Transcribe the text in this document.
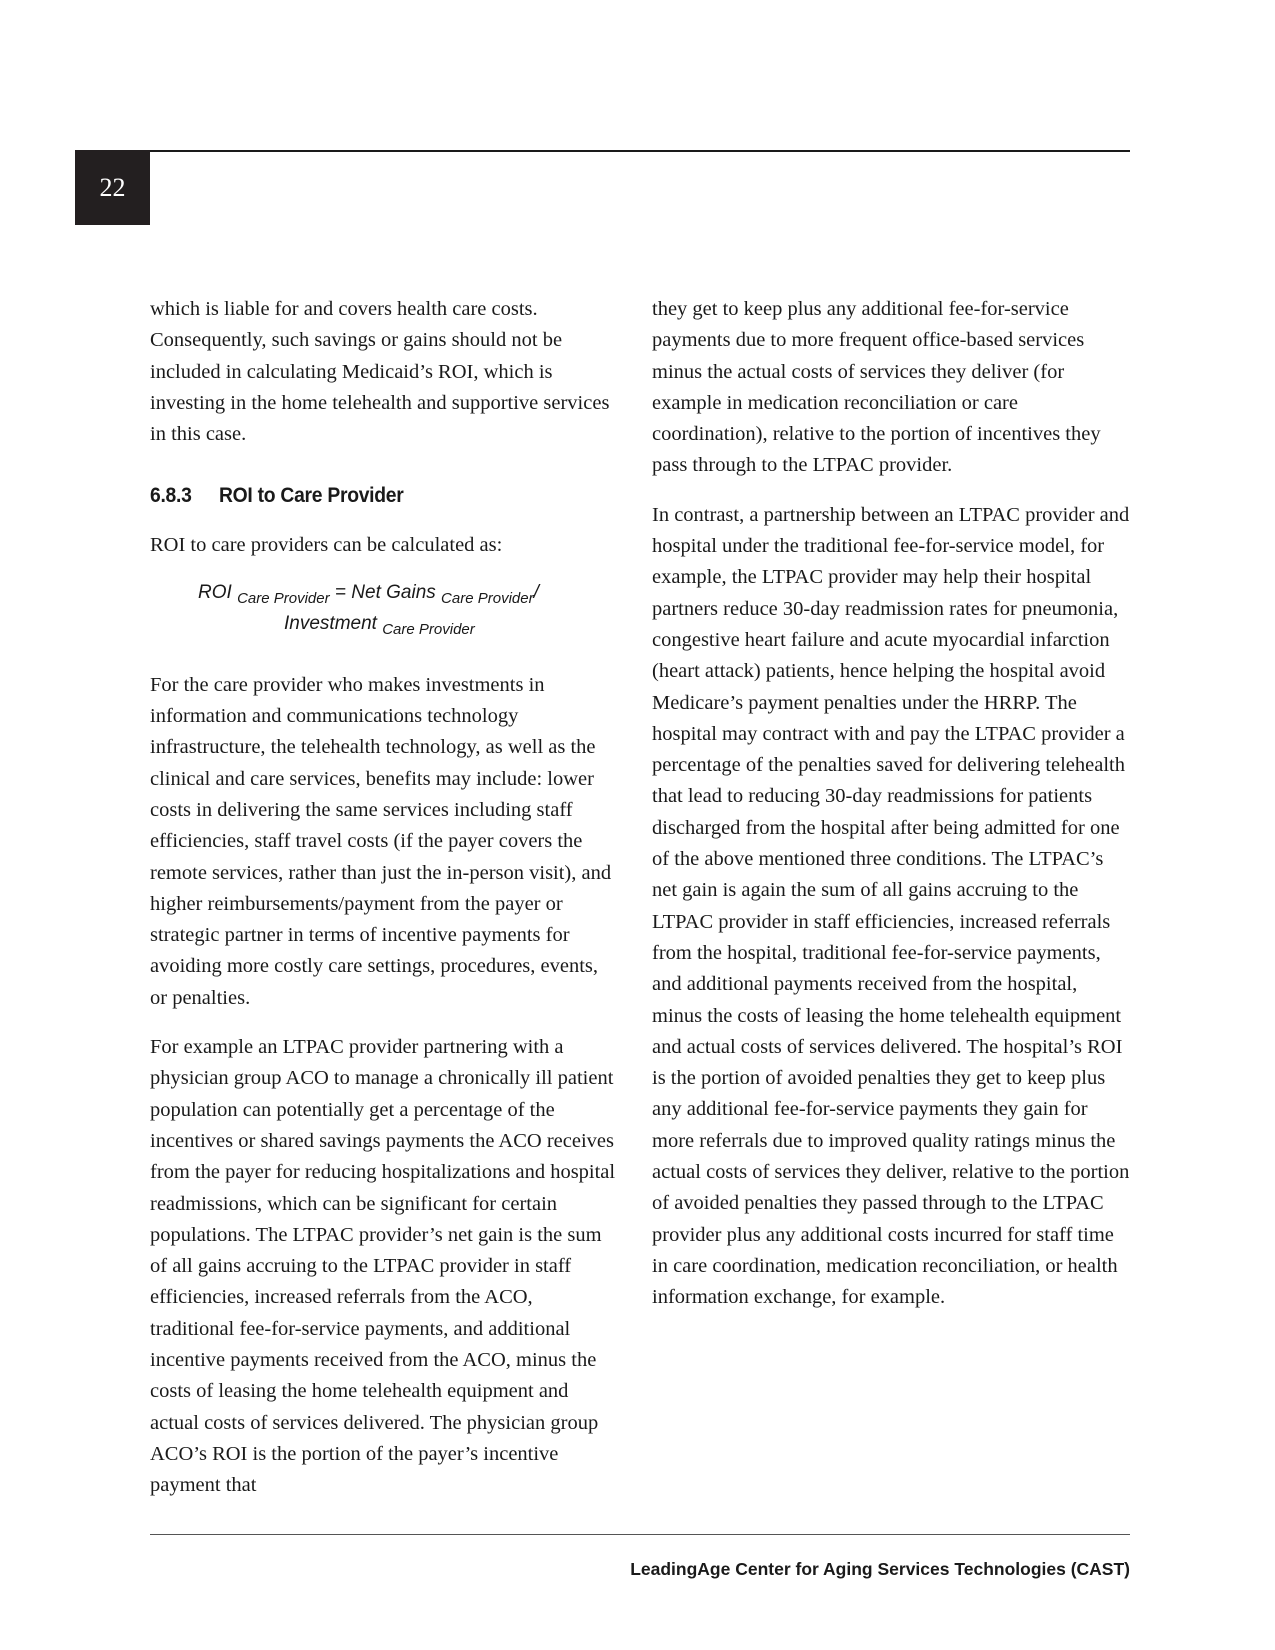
22

which is liable for and covers health care costs. Consequently, such savings or gains should not be included in calculating Medicaid’s ROI, which is investing in the home telehealth and supportive services in this case.

6.8.3 ROI to Care Provider

ROI to care providers can be calculated as:

ROI $_{Care Provider}$ = Net Gains $_{Care Provider}$/
Investment $_{Care Provider}$

For the care provider who makes investments in information and communications technology infrastructure, the telehealth technology, as well as the clinical and care services, benefits may include: lower costs in delivering the same services including staff efficiencies, staff travel costs (if the payer covers the remote services, rather than just the in-person visit), and higher reimbursements/payment from the payer or strategic partner in terms of incentive payments for avoiding more costly care settings, procedures, events, or penalties.

For example an LTPAC provider partnering with a physician group ACO to manage a chronically ill patient population can potentially get a percentage of the incentives or shared savings payments the ACO receives from the payer for reducing hospitalizations and hospital readmissions, which can be significant for certain populations. The LTPAC provider’s net gain is the sum of all gains accruing to the LTPAC provider in staff efficiencies, increased referrals from the ACO, traditional fee-for-service payments, and additional incentive payments received from the ACO, minus the costs of leasing the home telehealth equipment and actual costs of services delivered. The physician group ACO’s ROI is the portion of the payer’s incentive payment that

they get to keep plus any additional fee-for-service payments due to more frequent office-based services minus the actual costs of services they deliver (for example in medication reconciliation or care coordination), relative to the portion of incentives they pass through to the LTPAC provider.

In contrast, a partnership between an LTPAC provider and hospital under the traditional fee-for-service model, for example, the LTPAC provider may help their hospital partners reduce 30-day readmission rates for pneumonia, congestive heart failure and acute myocardial infarction (heart attack) patients, hence helping the hospital avoid Medicare’s payment penalties under the HRRP. The hospital may contract with and pay the LTPAC provider a percentage of the penalties saved for delivering telehealth that lead to reducing 30-day readmissions for patients discharged from the hospital after being admitted for one of the above mentioned three conditions. The LTPAC’s net gain is again the sum of all gains accruing to the LTPAC provider in staff efficiencies, increased referrals from the hospital, traditional fee-for-service payments, and additional payments received from the hospital, minus the costs of leasing the home telehealth equipment and actual costs of services delivered. The hospital’s ROI is the portion of avoided penalties they get to keep plus any additional fee-for-service payments they gain for more referrals due to improved quality ratings minus the actual costs of services they deliver, relative to the portion of avoided penalties they passed through to the LTPAC provider plus any additional costs incurred for staff time in care coordination, medication reconciliation, or health information exchange, for example.

LeadingAge Center for Aging Services Technologies (CAST)
